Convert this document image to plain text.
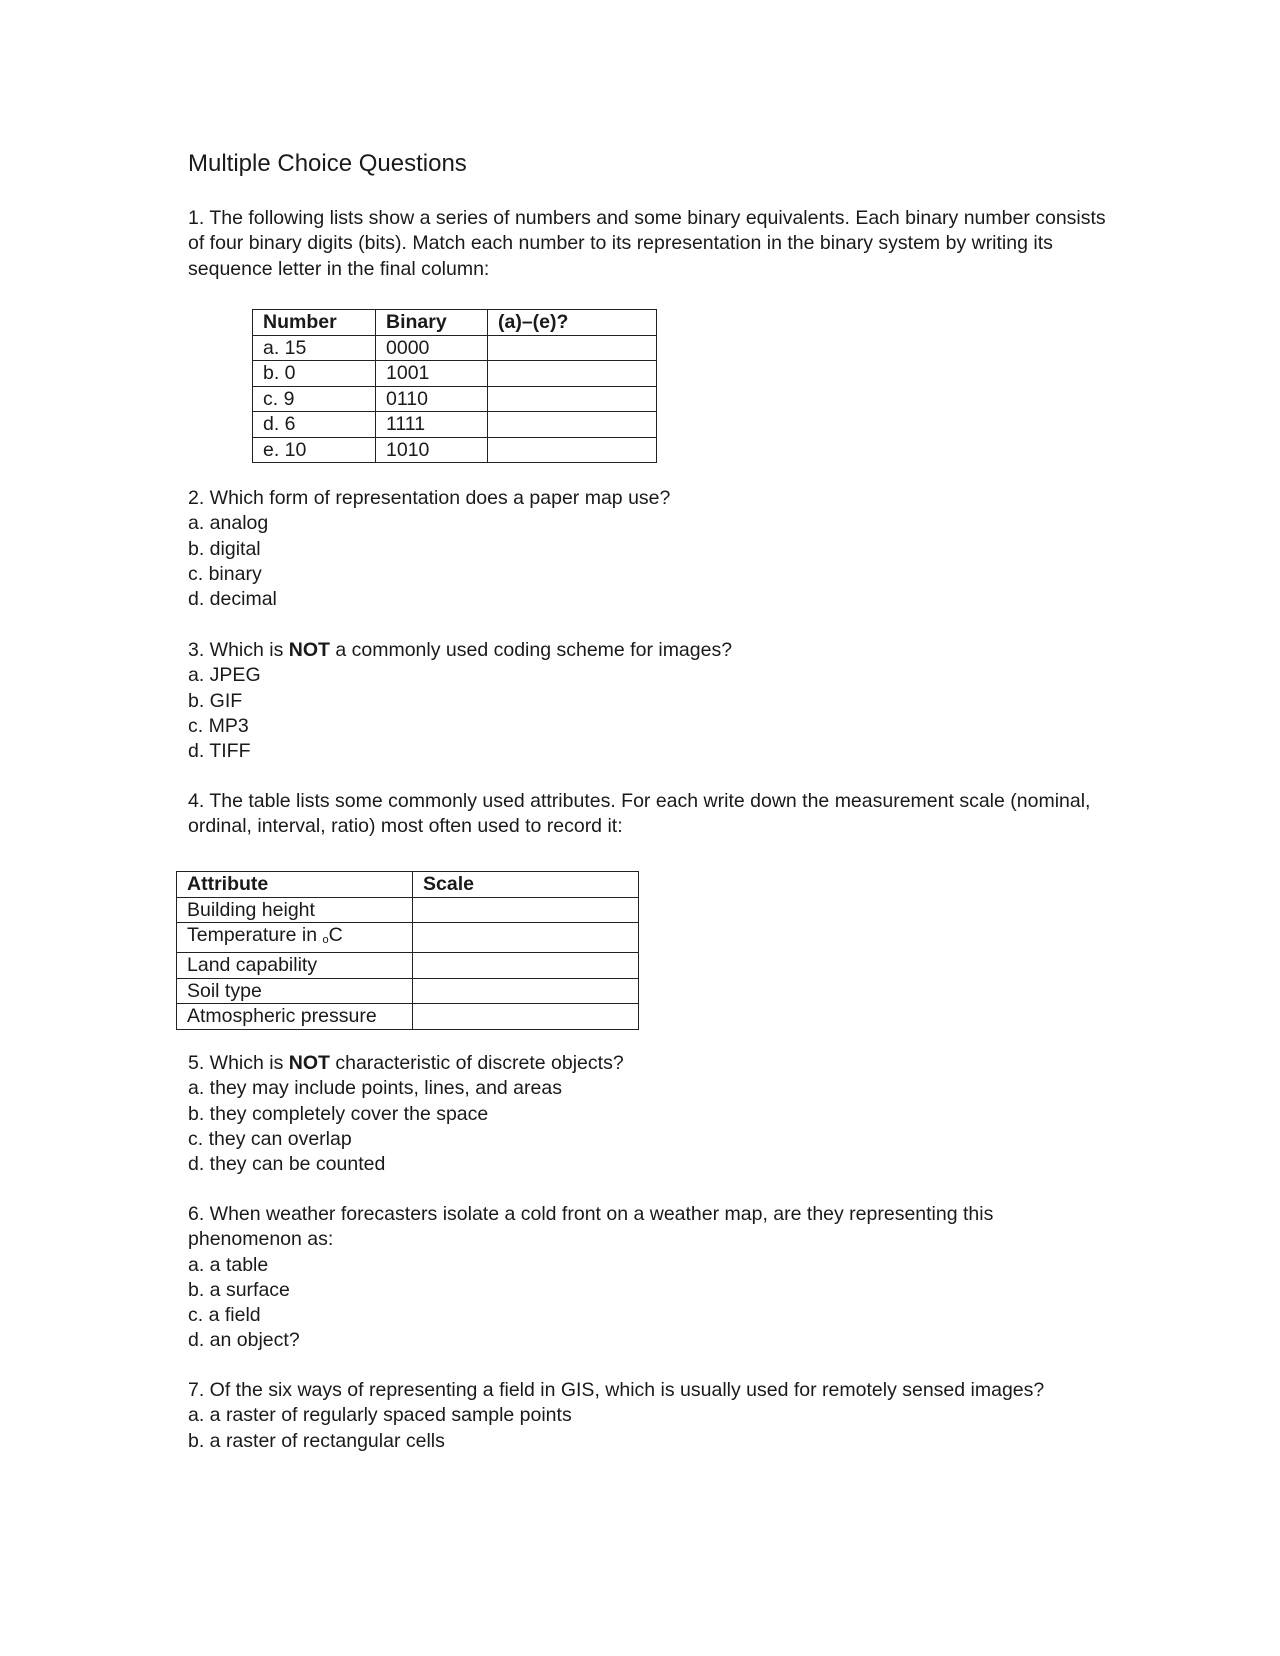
Multiple Choice Questions

1. The following lists show a series of numbers and some binary equivalents. Each binary number consists of four binary digits (bits). Match each number to its representation in the binary system by writing its sequence letter in the final column:

Number	Binary	(a)–(e)?
a. 15	0000	
b. 0	1001	
c. 9	0110	
d. 6	1111	
e. 10	1010	

2. Which form of representation does a paper map use?

a. analog

b. digital

c. binary

d. decimal

3. Which is NOT a commonly used coding scheme for images?

a. JPEG

b. GIF

c. MP3

d. TIFF

4. The table lists some commonly used attributes. For each write down the measurement scale (nominal, ordinal, interval, ratio) most often used to record it:

Attribute	Scale
Building height	
Temperature in $_o$C	
Land capability	
Soil type	
Atmospheric pressure	

5. Which is NOT characteristic of discrete objects?

a. they may include points, lines, and areas

b. they completely cover the space

c. they can overlap

d. they can be counted

6. When weather forecasters isolate a cold front on a weather map, are they representing this phenomenon as:

a. a table

b. a surface

c. a field

d. an object?

7. Of the six ways of representing a field in GIS, which is usually used for remotely sensed images?

a. a raster of regularly spaced sample points

b. a raster of rectangular cells
